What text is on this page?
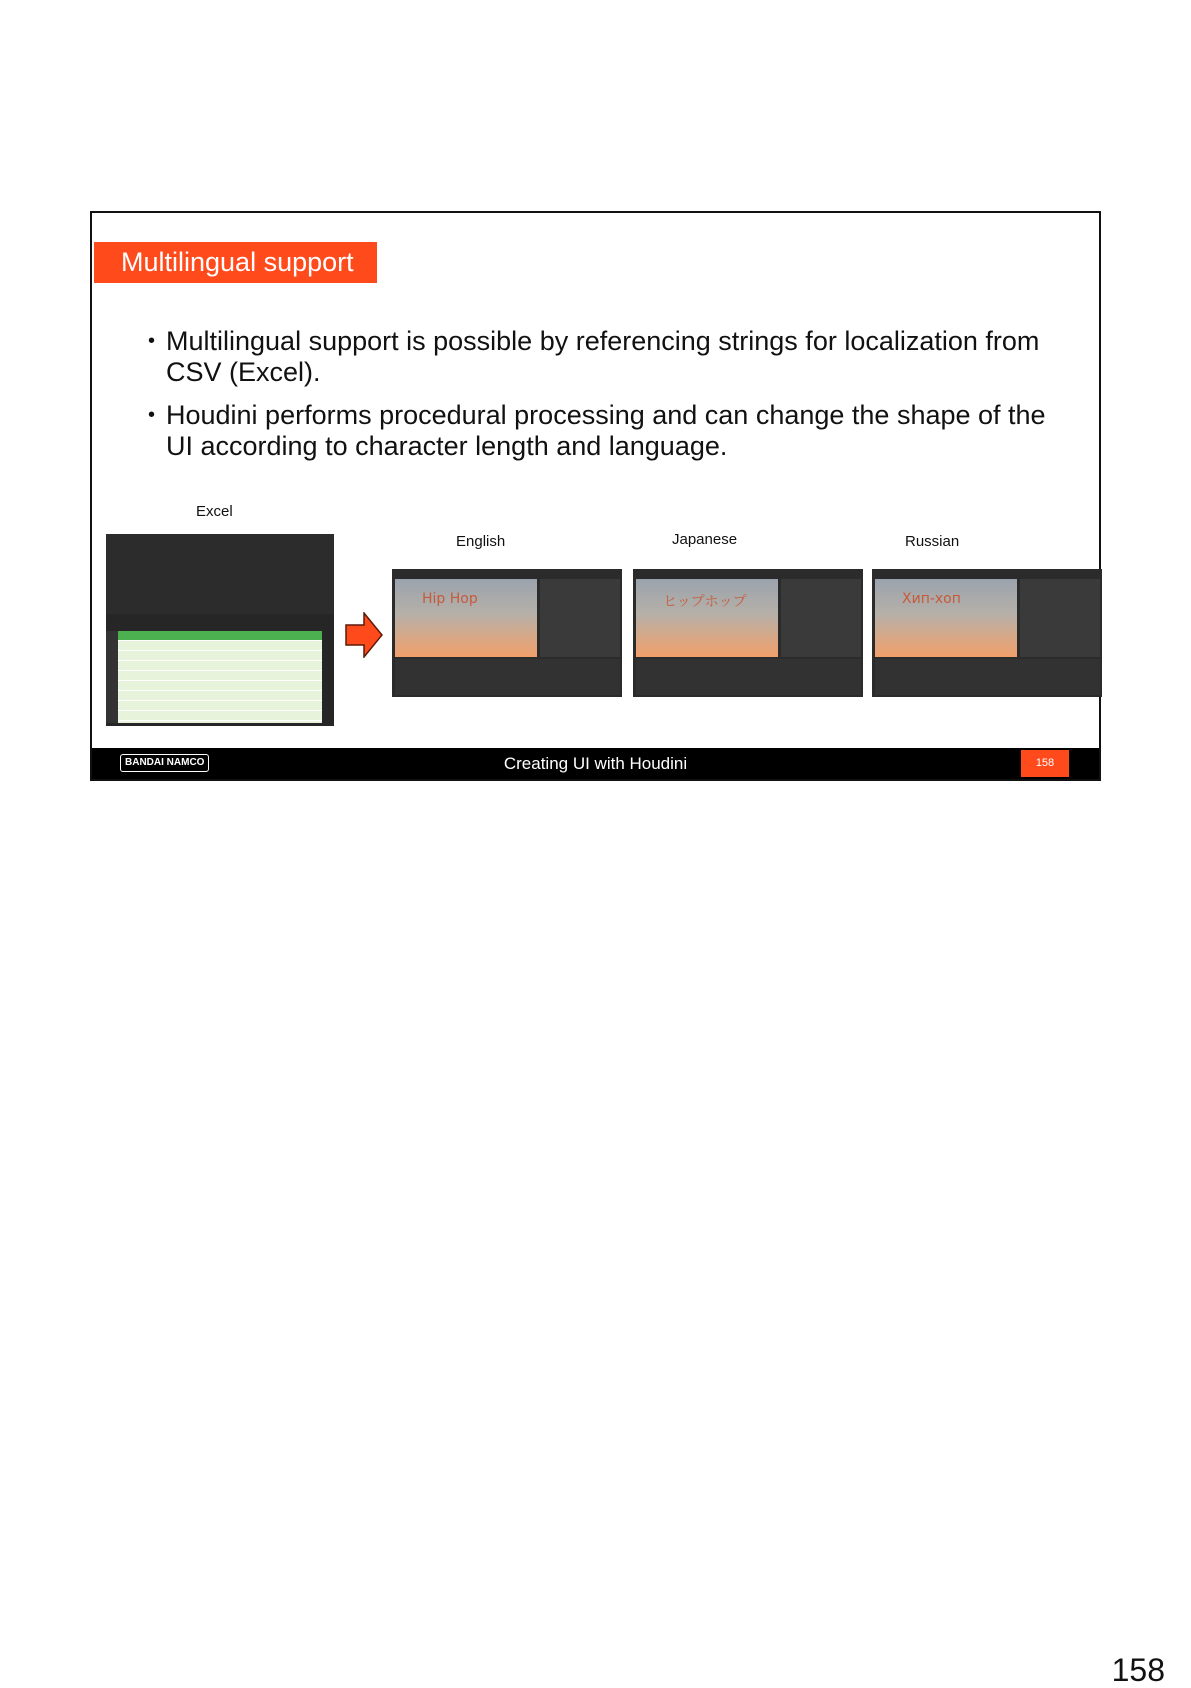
Multilingual support
• Multilingual support is possible by referencing strings for localization from CSV (Excel).
• Houdini performs procedural processing and can change the shape of the UI according to character length and language.
Excel
English	Japanese	Russian
Hip Hop	ヒップホップ	Хип-хоп
BANDAI NAMCO	Creating UI with Houdini	158
158
